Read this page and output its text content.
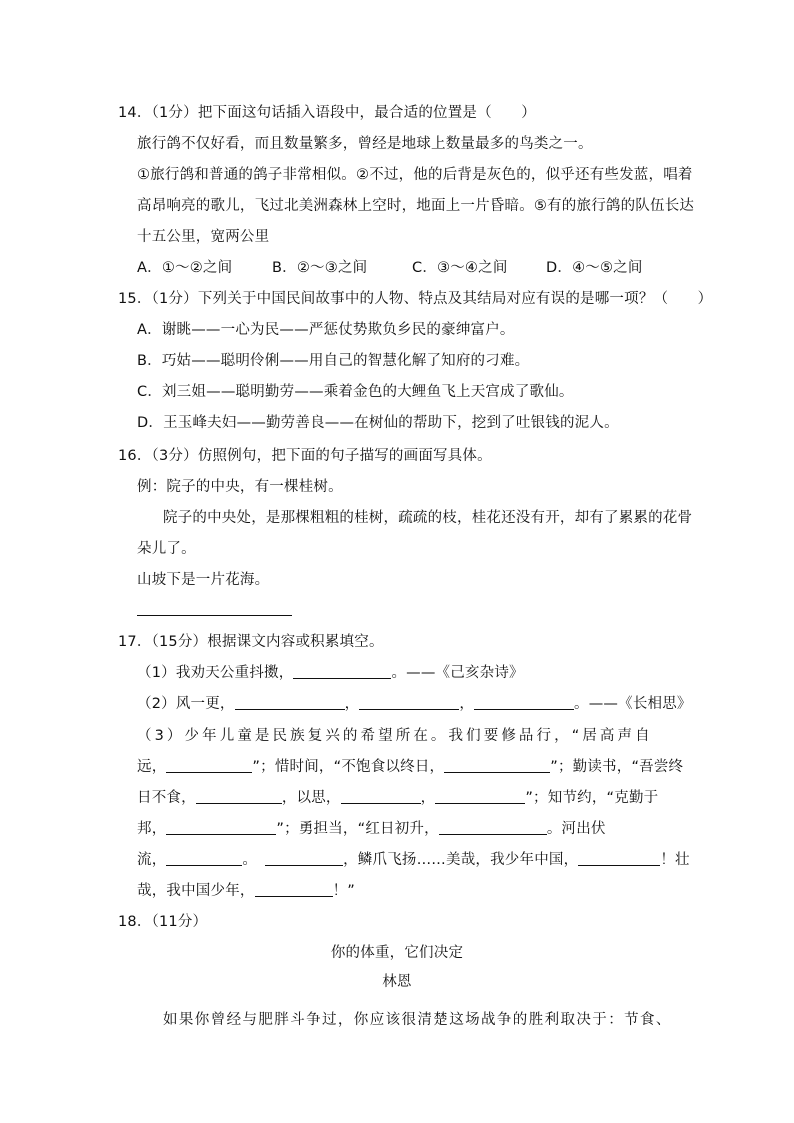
14．（1分）把下面这句话插入语段中，最合适的位置是（　　）
旅行鸽不仅好看，而且数量繁多，曾经是地球上数量最多的鸟类之一。
①旅行鸽和普通的鸽子非常相似。②不过，他的后背是灰色的，似乎还有些发蓝，唱着
高昂响亮的歌儿，飞过北美洲森林上空时，地面上一片昏暗。⑤有的旅行鸽的队伍长达
十五公里，宽两公里
A．①～②之间	B．②～③之间	C．③～④之间	D．④～⑤之间
15．（1分）下列关于中国民间故事中的人物、特点及其结局对应有误的是哪一项？（　　）
A．谢眺——一心为民——严惩仗势欺负乡民的豪绅富户。
B．巧姑——聪明伶俐——用自己的智慧化解了知府的刁难。
C．刘三姐——聪明勤劳——乘着金色的大鲤鱼飞上天宫成了歌仙。
D．王玉峰夫妇——勤劳善良——在树仙的帮助下，挖到了吐银钱的泥人。
16．（3分）仿照例句，把下面的句子描写的画面写具体。
例：院子的中央，有一棵桂树。
院子的中央处，是那棵粗粗的桂树，疏疏的枝，桂花还没有开，却有了累累的花骨
朵儿了。
山坡下是一片花海。
17．（15分）根据课文内容或积累填空。
（1）我劝天公重抖擞，	。——《己亥杂诗》
（2）风一更，	，	，	。——《长相思》
（3）少年儿童是民族复兴的希望所在。我们要修品行，“居高声自
远，	”；惜时间，“不饱食以终日，	”；勤读书，“吾尝终
日不食，	，以思，	，	”；知节约，“克勤于
邦，	”；勇担当，“红日初升，	。河出伏
流，	。	，鳞爪飞扬……美哉，我少年中国，	！壮
哉，我中国少年，	！”
18．（11分）
你的体重，它们决定
林恩
如果你曾经与肥胖斗争过，你应该很清楚这场战争的胜利取决于：节食、
